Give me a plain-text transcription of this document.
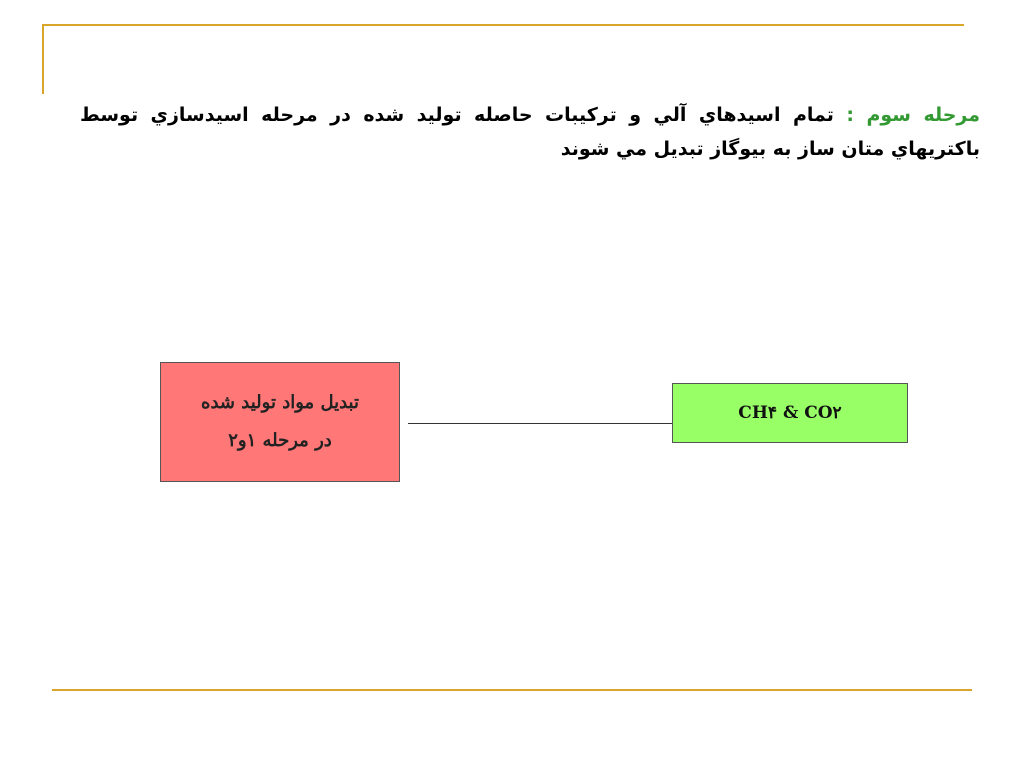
مرحله سوم : تمام اسيدهاي آلي و تركيبات حاصله توليد شده در مرحله اسيدسازي توسط باكتريهاي متان ساز به بيوگاز تبديل مي شوند
تبديل مواد توليد شده
در مرحله ۱و۲
CH۴ & CO۲
